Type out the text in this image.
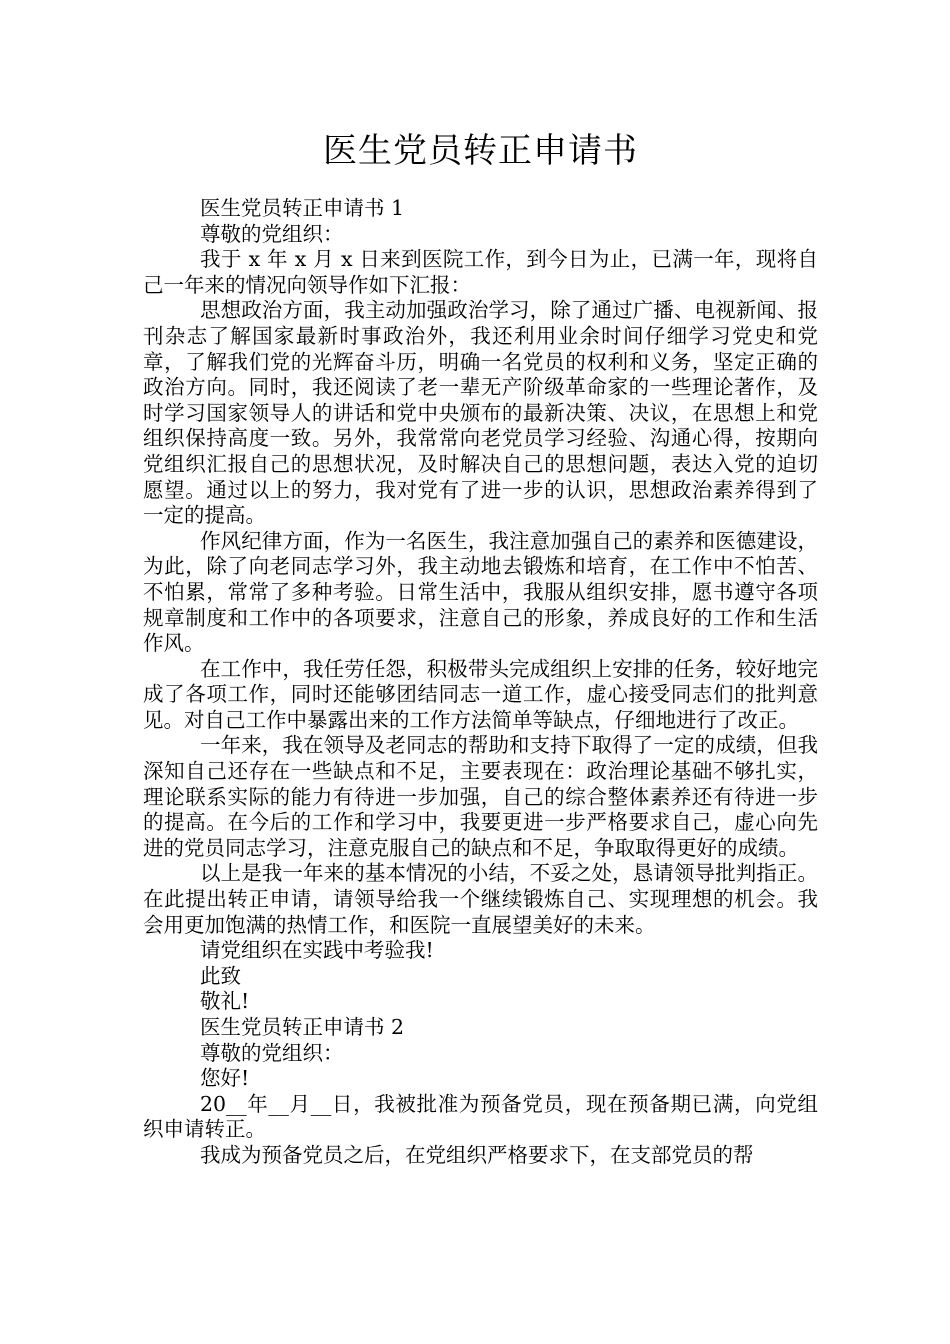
医生党员转正申请书

医生党员转正申请书 1

尊敬的党组织：

我于 x 年 x 月 x 日来到医院工作，到今日为止，已满一年，现将自己一年来的情况向领导作如下汇报：

思想政治方面，我主动加强政治学习，除了通过广播、电视新闻、报刊杂志了解国家最新时事政治外，我还利用业余时间仔细学习党史和党章，了解我们党的光辉奋斗历，明确一名党员的权利和义务，坚定正确的政治方向。同时，我还阅读了老一辈无产阶级革命家的一些理论著作，及时学习国家领导人的讲话和党中央颁布的最新决策、决议，在思想上和党组织保持高度一致。另外，我常常向老党员学习经验、沟通心得，按期向党组织汇报自己的思想状况，及时解决自己的思想问题，表达入党的迫切愿望。通过以上的努力，我对党有了进一步的认识，思想政治素养得到了一定的提高。

作风纪律方面，作为一名医生，我注意加强自己的素养和医德建设，为此，除了向老同志学习外，我主动地去锻炼和培育，在工作中不怕苦、不怕累，常常了多种考验。日常生活中，我服从组织安排，愿书遵守各项规章制度和工作中的各项要求，注意自己的形象，养成良好的工作和生活作风。

在工作中，我任劳任怨，积极带头完成组织上安排的任务，较好地完成了各项工作，同时还能够团结同志一道工作，虚心接受同志们的批判意见。对自己工作中暴露出来的工作方法简单等缺点，仔细地进行了改正。

一年来，我在领导及老同志的帮助和支持下取得了一定的成绩，但我深知自己还存在一些缺点和不足，主要表现在：政治理论基础不够扎实，理论联系实际的能力有待进一步加强，自己的综合整体素养还有待进一步的提高。在今后的工作和学习中，我要更进一步严格要求自己，虚心向先进的党员同志学习，注意克服自己的缺点和不足，争取取得更好的成绩。

以上是我一年来的基本情况的小结，不妥之处，恳请领导批判指正。在此提出转正申请，请领导给我一个继续锻炼自己、实现理想的机会。我会用更加饱满的热情工作，和医院一直展望美好的未来。

请党组织在实践中考验我!

此致

敬礼!

医生党员转正申请书 2

尊敬的党组织：

您好!

20__年__月__日，我被批准为预备党员，现在预备期已满，向党组织申请转正。

我成为预备党员之后，在党组织严格要求下，在支部党员的帮
